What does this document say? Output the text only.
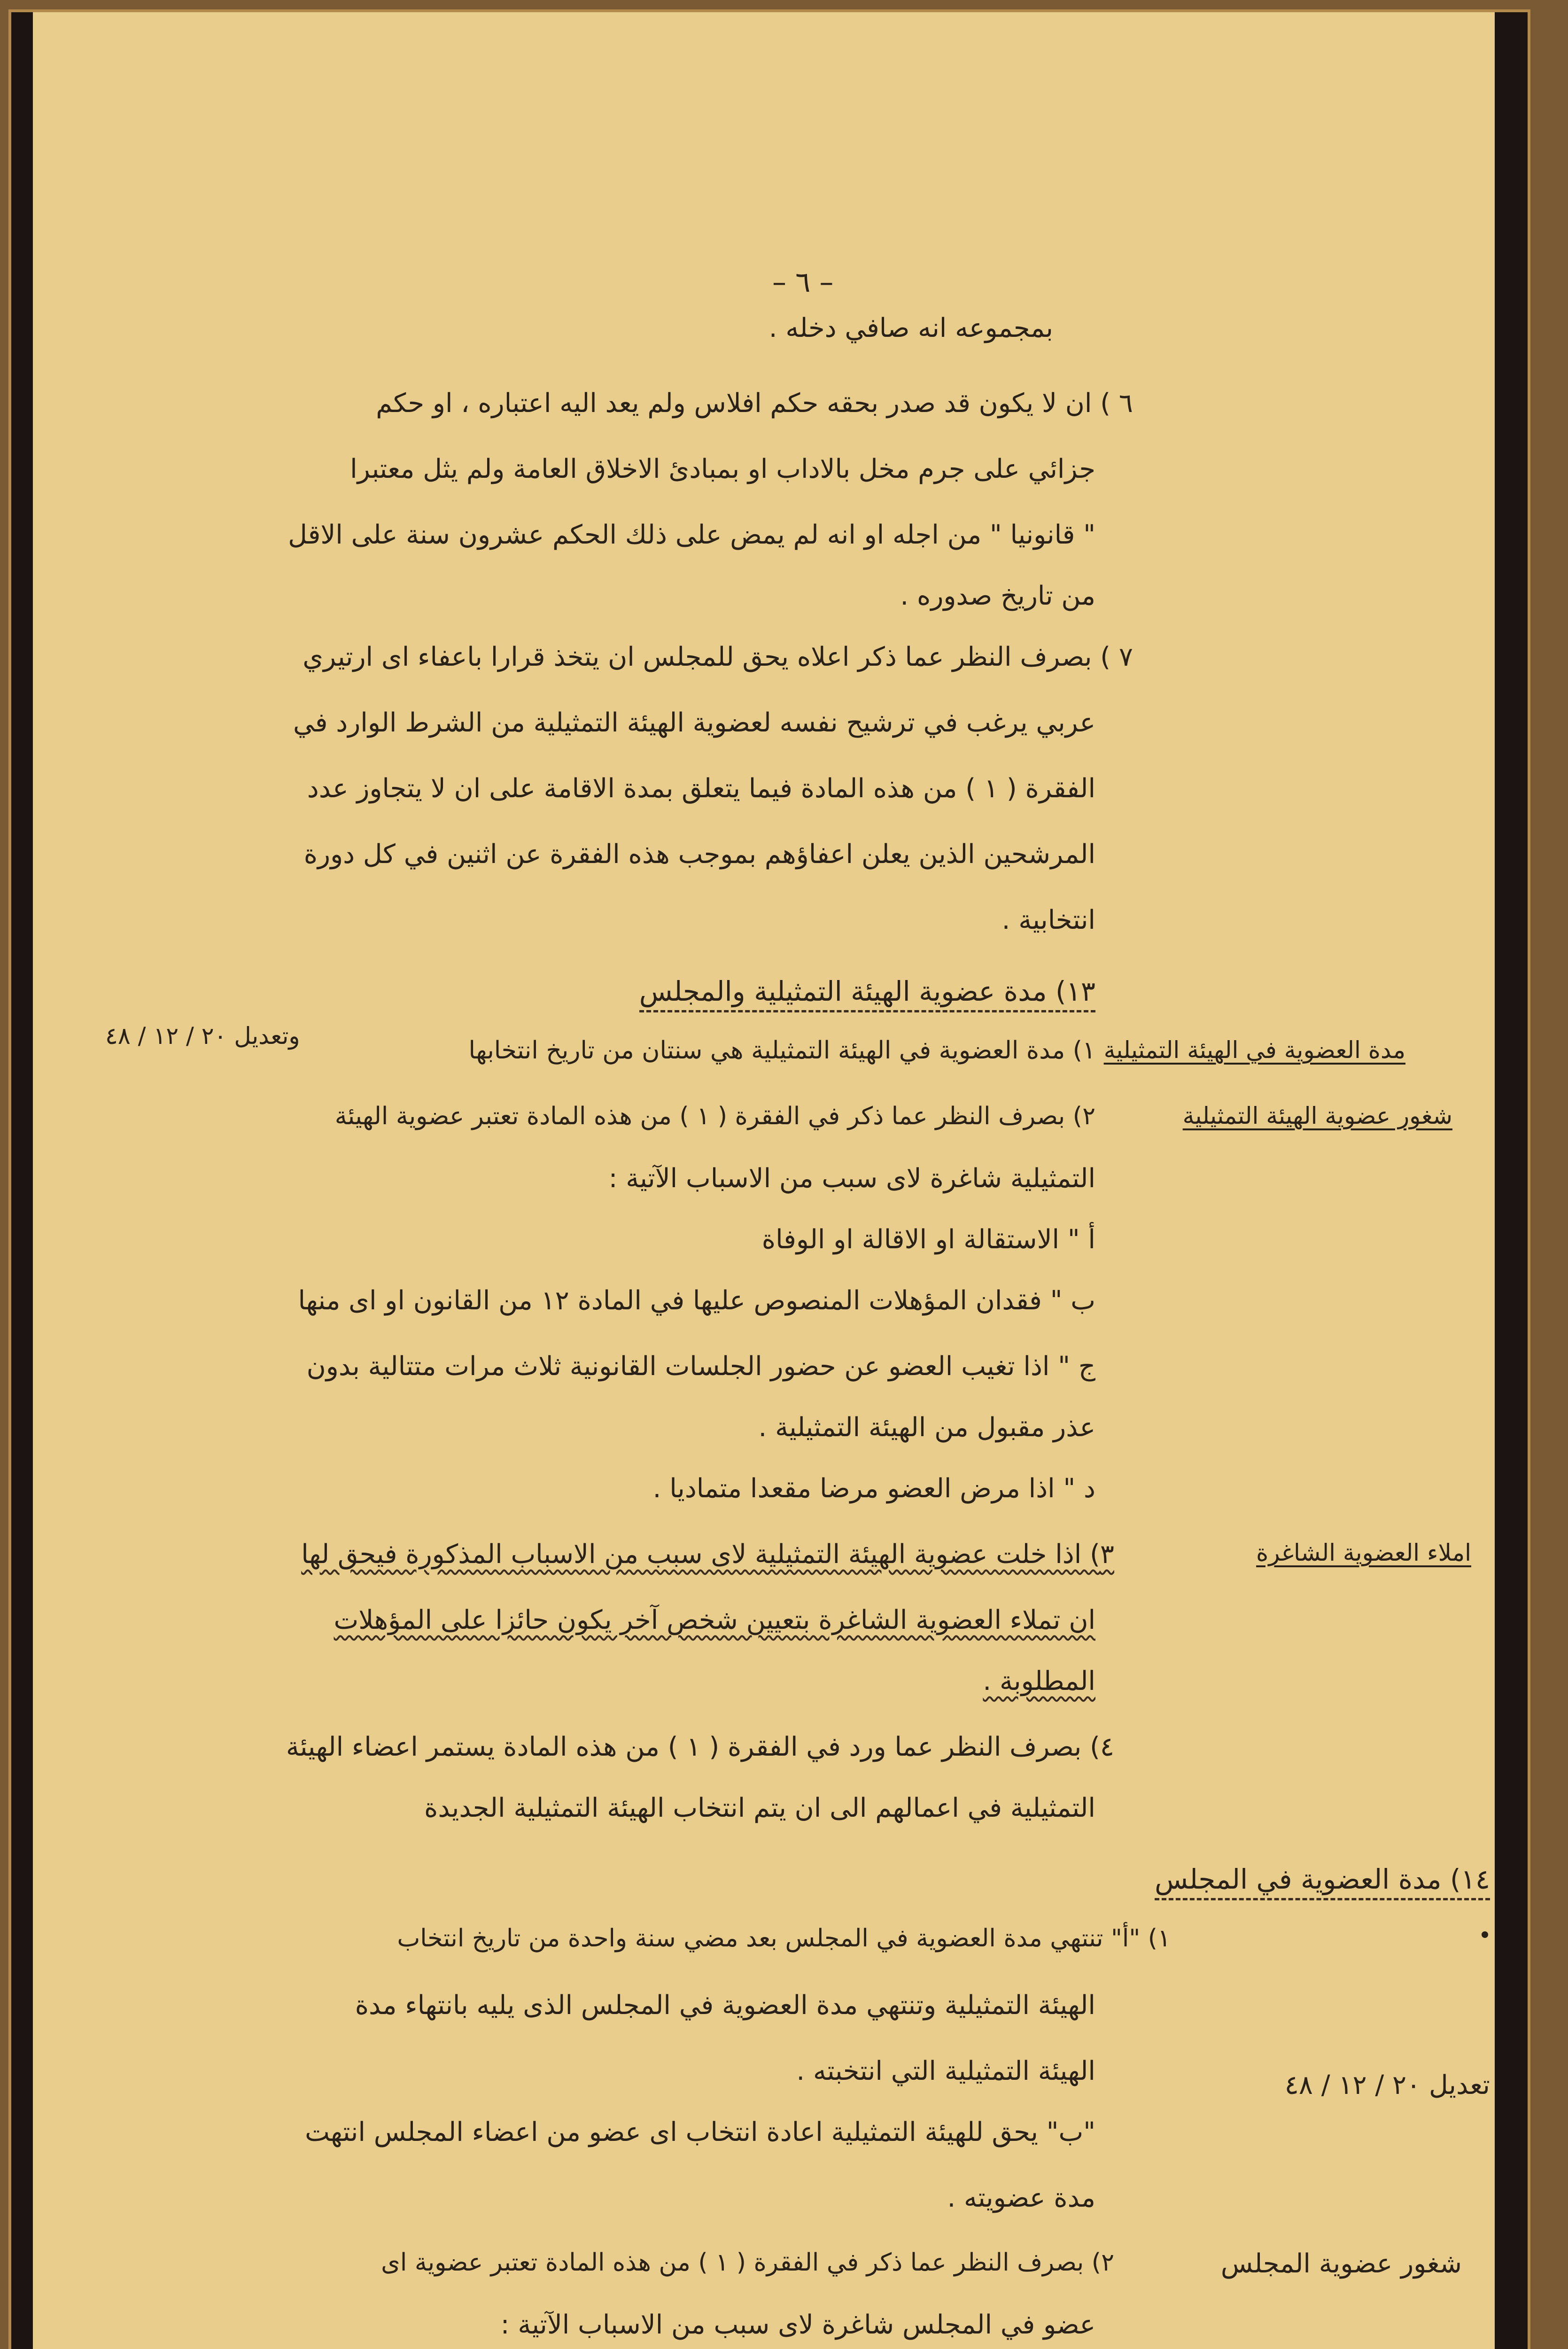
– ٦ –
بمجموعه انه صافي دخله .
٦ ) ان لا يكون قد صدر بحقه حكم افلاس ولم يعد اليه اعتباره ، او حكم
جزائي على جرم مخل بالاداب او بمبادئ الاخلاق العامة ولم يثل معتبرا
" قانونيا " من اجله او انه لم يمض على ذلك الحكم عشرون سنة على الاقل
من تاريخ صدوره .
٧ ) بصرف النظر عما ذكر اعلاه يحق للمجلس ان يتخذ قرارا باعفاء اى ارتيري
عربي يرغب في ترشيح نفسه لعضوية الهيئة التمثيلية من الشرط الوارد في
الفقرة ( ١ ) من هذه المادة فيما يتعلق بمدة الاقامة على ان لا يتجاوز عدد
المرشحين الذين يعلن اعفاؤهم بموجب هذه الفقرة عن اثنين في كل دورة
انتخابية .
١٣) مدة عضوية الهيئة التمثيلية والمجلس
مدة العضوية في الهيئة التمثيلية
١) مدة العضوية في الهيئة التمثيلية هي سنتان من تاريخ انتخابها
وتعديل ٢٠ / ١٢ / ٤٨
شغور عضوية الهيئة التمثيلية
٢) بصرف النظر عما ذكر في الفقرة ( ١ ) من هذه المادة تعتبر عضوية الهيئة
التمثيلية شاغرة لاى سبب من الاسباب الآتية :
أ " الاستقالة او الاقالة او الوفاة
ب " فقدان المؤهلات المنصوص عليها في المادة ١٢ من القانون او اى منها
ج " اذا تغيب العضو عن حضور الجلسات القانونية ثلاث مرات متتالية بدون
عذر مقبول من الهيئة التمثيلية .
د " اذا مرض العضو مرضا مقعدا متماديا .
املاء العضوية الشاغرة
٣) اذا خلت عضوية الهيئة التمثيلية لاى سبب من الاسباب المذكورة فيحق لها
ان تملاء العضوية الشاغرة بتعيين شخص آخر يكون حائزا على المؤهلات
المطلوبة .
٤) بصرف النظر عما ورد في الفقرة ( ١ ) من هذه المادة يستمر اعضاء الهيئة
التمثيلية في اعمالهم الى ان يتم انتخاب الهيئة التمثيلية الجديدة
١٤) مدة العضوية في المجلس
١) "أ" تنتهي مدة العضوية في المجلس بعد مضي سنة واحدة من تاريخ انتخاب
الهيئة التمثيلية وتنتهي مدة العضوية في المجلس الذى يليه بانتهاء مدة
الهيئة التمثيلية التي انتخبته .	تعديل ٢٠ / ١٢ / ٤٨
"ب" يحق للهيئة التمثيلية اعادة انتخاب اى عضو من اعضاء المجلس انتهت
مدة عضويته .
شغور عضوية المجلس
٢) بصرف النظر عما ذكر في الفقرة ( ١ ) من هذه المادة تعتبر عضوية اى
عضو في المجلس شاغرة لاى سبب من الاسباب الآتية :
